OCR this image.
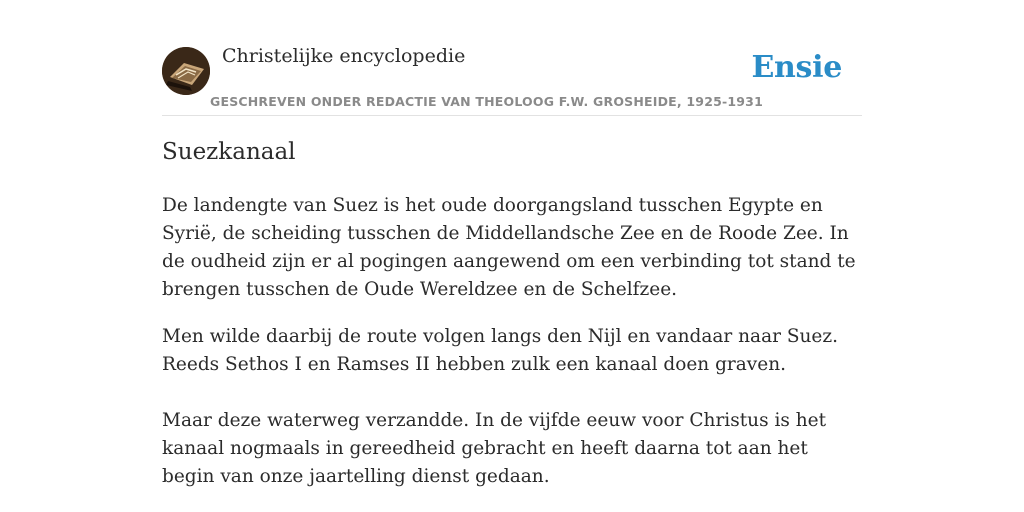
Christelijke encyclopedie
GESCHREVEN ONDER REDACTIE VAN THEOLOOG F.W. GROSHEIDE, 1925-1931
Ensie
Suezkanaal

De landengte van Suez is het oude doorgangsland tusschen Egypte en Syrië, de scheiding tusschen de Middellandsche Zee en de Roode Zee. In de oudheid zijn er al pogingen aangewend om een verbinding tot stand te brengen tusschen de Oude Wereldzee en de Schelfzee.

Men wilde daarbij de route volgen langs den Nijl en vandaar naar Suez. Reeds Sethos I en Ramses II hebben zulk een kanaal doen graven.

Maar deze waterweg verzandde. In de vijfde eeuw voor Christus is het kanaal nogmaals in gereedheid gebracht en heeft daarna tot aan het begin van onze jaartelling dienst gedaan.
